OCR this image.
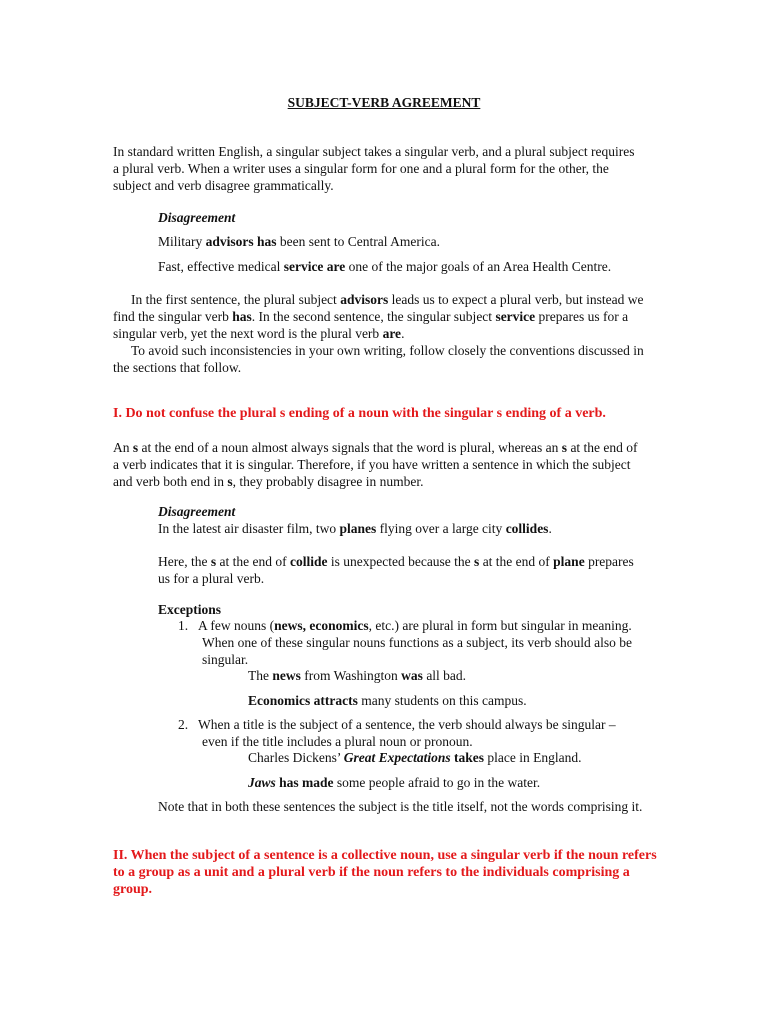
SUBJECT-VERB AGREEMENT
In standard written English, a singular subject takes a singular verb, and a plural subject requires
a plural verb. When a writer uses a singular form for one and a plural form for the other, the
subject and verb disagree grammatically.
Disagreement
Military advisors has been sent to Central America.
Fast, effective medical service are one of the major goals of an Area Health Centre.
In the first sentence, the plural subject advisors leads us to expect a plural verb, but instead we
find the singular verb has. In the second sentence, the singular subject service prepares us for a
singular verb, yet the next word is the plural verb are.
To avoid such inconsistencies in your own writing, follow closely the conventions discussed in
the sections that follow.
I. Do not confuse the plural s ending of a noun with the singular s ending of a verb.
An s at the end of a noun almost always signals that the word is plural, whereas an s at the end of
a verb indicates that it is singular. Therefore, if you have written a sentence in which the subject
and verb both end in s, they probably disagree in number.
Disagreement
In the latest air disaster film, two planes flying over a large city collides.
Here, the s at the end of collide is unexpected because the s at the end of plane prepares
us for a plural verb.
Exceptions
1. A few nouns (news, economics, etc.) are plural in form but singular in meaning.
When one of these singular nouns functions as a subject, its verb should also be
singular.
The news from Washington was all bad.
Economics attracts many students on this campus.
2. When a title is the subject of a sentence, the verb should always be singular –
even if the title includes a plural noun or pronoun.
Charles Dickens’ Great Expectations takes place in England.
Jaws has made some people afraid to go in the water.
Note that in both these sentences the subject is the title itself, not the words comprising it.
II. When the subject of a sentence is a collective noun, use a singular verb if the noun refers
to a group as a unit and a plural verb if the noun refers to the individuals comprising a
group.
